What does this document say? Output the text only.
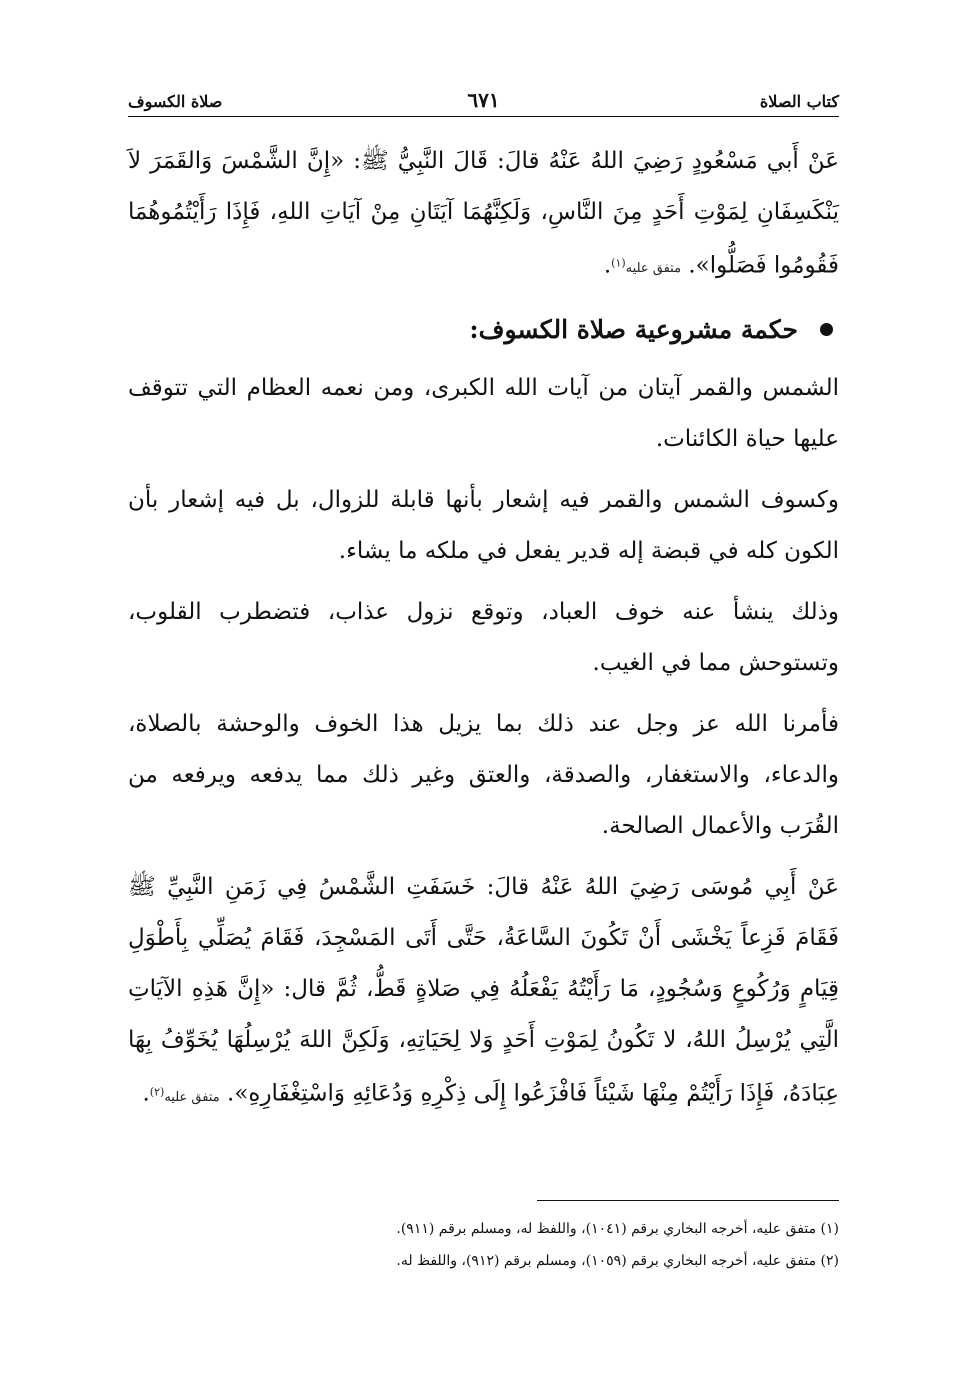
كتاب الصلاة
صلاة الكسوف	٦٧١

عَنْ أَبي مَسْعُودٍ رَضِيَ اللهُ عَنْهُ قالَ: قَالَ النَّبِيُّ ﷺ: «إِنَّ الشَّمْسَ وَالقَمَرَ لاَ يَنْكَسِفَانِ لِمَوْتِ أَحَدٍ مِنَ النَّاسِ، وَلَكِنَّهُمَا آيَتَانِ مِنْ آيَاتِ اللهِ، فَإِذَا رَأَيْتُمُوهُمَا فَقُومُوا فَصَلُّوا». متفق عليه$^{(١)}$.

حكمة مشروعية صلاة الكسوف:

الشمس والقمر آيتان من آيات الله الكبرى، ومن نعمه العظام التي تتوقف عليها حياة الكائنات.

وكسوف الشمس والقمر فيه إشعار بأنها قابلة للزوال، بل فيه إشعار بأن الكون كله في قبضة إله قدير يفعل في ملكه ما يشاء.

وذلك ينشأ عنه خوف العباد، وتوقع نزول عذاب، فتضطرب القلوب، وتستوحش مما في الغيب.

فأمرنا الله عز وجل عند ذلك بما يزيل هذا الخوف والوحشة بالصلاة، والدعاء، والاستغفار، والصدقة، والعتق وغير ذلك مما يدفعه ويرفعه من القُرَب والأعمال الصالحة.

عَنْ أَبِي مُوسَى رَضِيَ اللهُ عَنْهُ قالَ: خَسَفَتِ الشَّمْسُ فِي زَمَنِ النَّبِيِّ ﷺ فَقَامَ فَزِعاً يَخْشَى أَنْ تَكُونَ السَّاعَةُ، حَتَّى أَتَى المَسْجِدَ، فَقَامَ يُصَلِّي بِأَطْوَلِ قِيَامٍ وَرُكُوعٍ وَسُجُودٍ، مَا رَأَيْتُهُ يَفْعَلُهُ فِي صَلاةٍ قَطُّ، ثُمَّ قال: «إِنَّ هَذِهِ الآيَاتِ الَّتِي يُرْسِلُ اللهُ، لا تَكُونُ لِمَوْتِ أَحَدٍ وَلا لِحَيَاتِهِ، وَلَكِنَّ اللهَ يُرْسِلُهَا يُخَوِّفُ بِهَا عِبَادَهُ، فَإِذَا رَأَيْتُمْ مِنْهَا شَيْئاً فَافْزَعُوا إِلَى ذِكْرِهِ وَدُعَائِهِ وَاسْتِغْفَارِهِ». متفق عليه$^{(٢)}$.

(١) متفق عليه، أخرجه البخاري برقم (١٠٤١)، واللفظ له، ومسلم برقم (٩١١).
(٢) متفق عليه، أخرجه البخاري برقم (١٠٥٩)، ومسلم برقم (٩١٢)، واللفظ له.
